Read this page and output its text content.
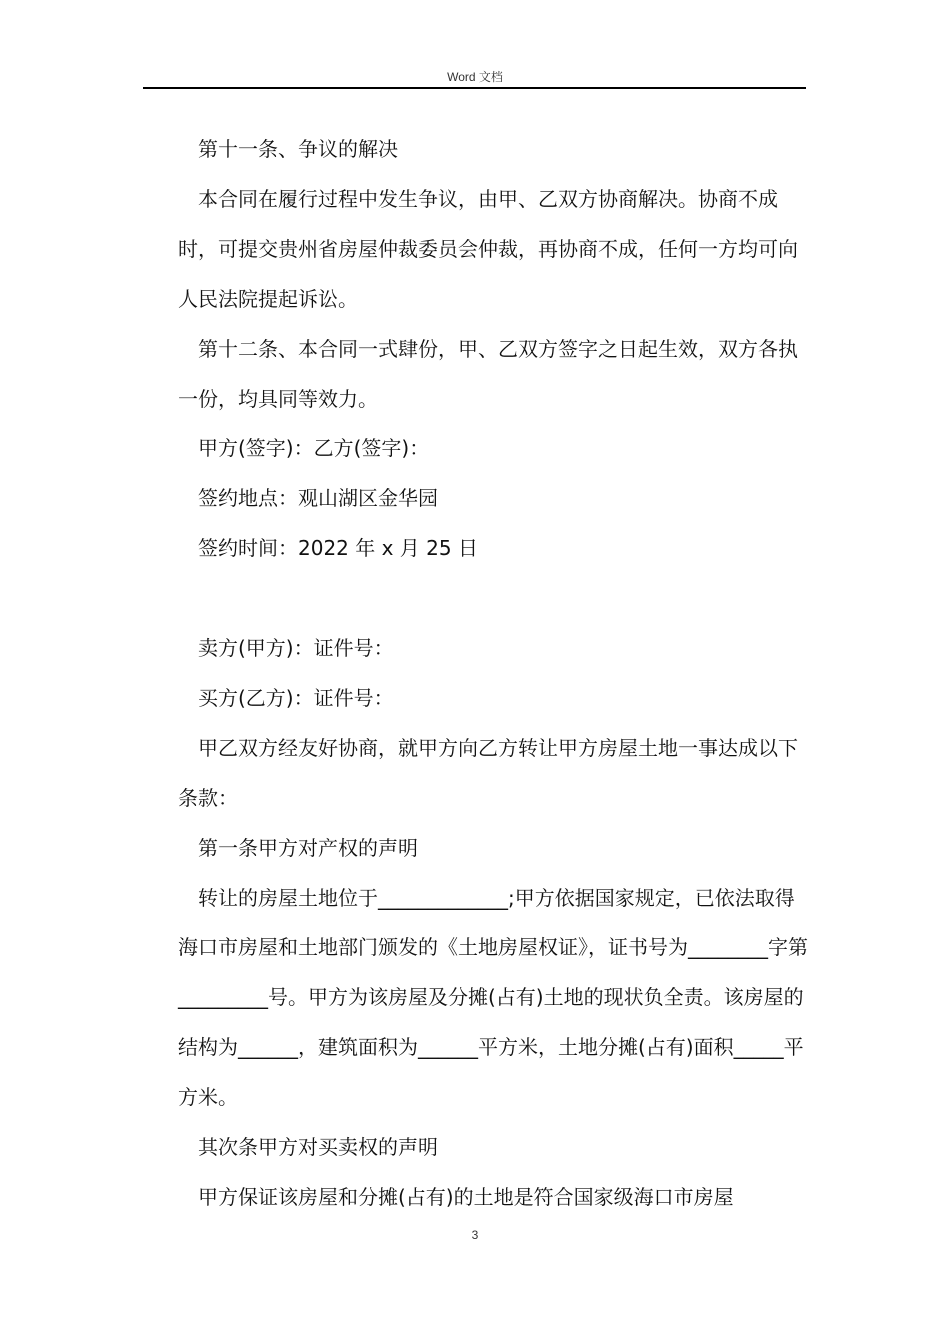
Word 文档

第十一条、争议的解决

本合同在履行过程中发生争议，由甲、乙双方协商解决。协商不成时，可提交贵州省房屋仲裁委员会仲裁，再协商不成，任何一方均可向人民法院提起诉讼。

第十二条、本合同一式肆份，甲、乙双方签字之日起生效，双方各执一份，均具同等效力。

甲方(签字)：乙方(签字)：

签约地点：观山湖区金华园

签约时间：2022 年 x 月 25 日

卖方(甲方)：证件号：

买方(乙方)：证件号：

甲乙双方经友好协商，就甲方向乙方转让甲方房屋土地一事达成以下条款：

第一条甲方对产权的声明

转让的房屋土地位于_____________;甲方依据国家规定，已依法取得海口市房屋和土地部门颁发的《土地房屋权证》，证书号为________字第_________号。甲方为该房屋及分摊(占有)土地的现状负全责。该房屋的结构为______，建筑面积为______平方米，土地分摊(占有)面积_____平方米。

其次条甲方对买卖权的声明

甲方保证该房屋和分摊(占有)的土地是符合国家级海口市房屋

3
